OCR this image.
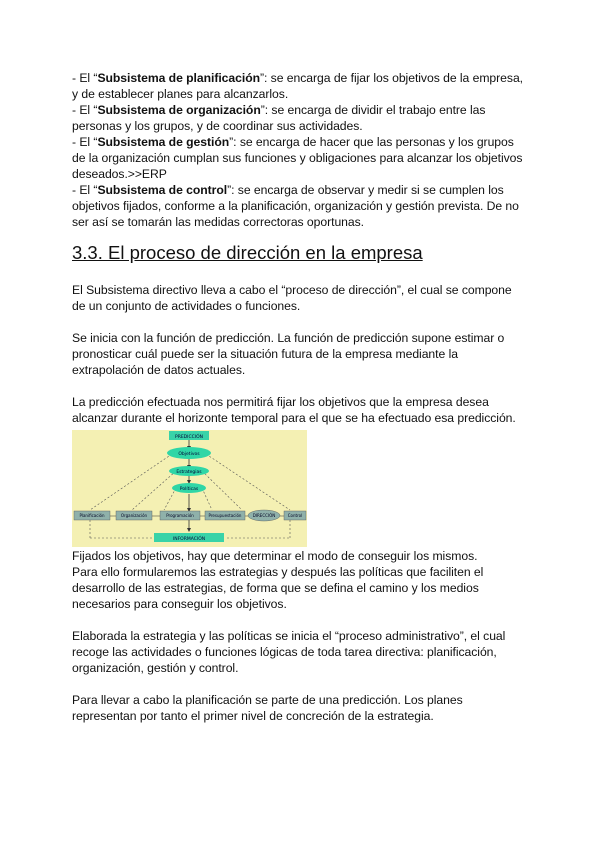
- El “Subsistema de planificación”: se encarga de fijar los objetivos de la empresa,
y de establecer planes para alcanzarlos.

- El “Subsistema de organización”: se encarga de dividir el trabajo entre las
personas y los grupos, y de coordinar sus actividades.

- El “Subsistema de gestión”: se encarga de hacer que las personas y los grupos
de la organización cumplan sus funciones y obligaciones para alcanzar los objetivos
deseados.>>ERP

- El “Subsistema de control”: se encarga de observar y medir si se cumplen los
objetivos fijados, conforme a la planificación, organización y gestión prevista. De no
ser así se tomarán las medidas correctoras oportunas.

3.3. El proceso de dirección en la empresa

El Subsistema directivo lleva a cabo el “proceso de dirección”, el cual se compone
de un conjunto de actividades o funciones.

Se inicia con la función de predicción. La función de predicción supone estimar o
pronosticar cuál puede ser la situación futura de la empresa mediante la
extrapolación de datos actuales.

La predicción efectuada nos permitirá fijar los objetivos que la empresa desea
alcanzar durante el horizonte temporal para el que se ha efectuado esa predicción.

PREDICCIÓN
Objetivos
Estrategias
Políticas
Planificación	Organización	Programación	Presupuestación	DIRECCIÓN	Control
INFORMACIÓN

Fijados los objetivos, hay que determinar el modo de conseguir los mismos.
Para ello formularemos las estrategias y después las políticas que faciliten el
desarrollo de las estrategias, de forma que se defina el camino y los medios
necesarios para conseguir los objetivos.

Elaborada la estrategia y las políticas se inicia el “proceso administrativo”, el cual
recoge las actividades o funciones lógicas de toda tarea directiva: planificación,
organización, gestión y control.

Para llevar a cabo la planificación se parte de una predicción. Los planes
representan por tanto el primer nivel de concreción de la estrategia.
